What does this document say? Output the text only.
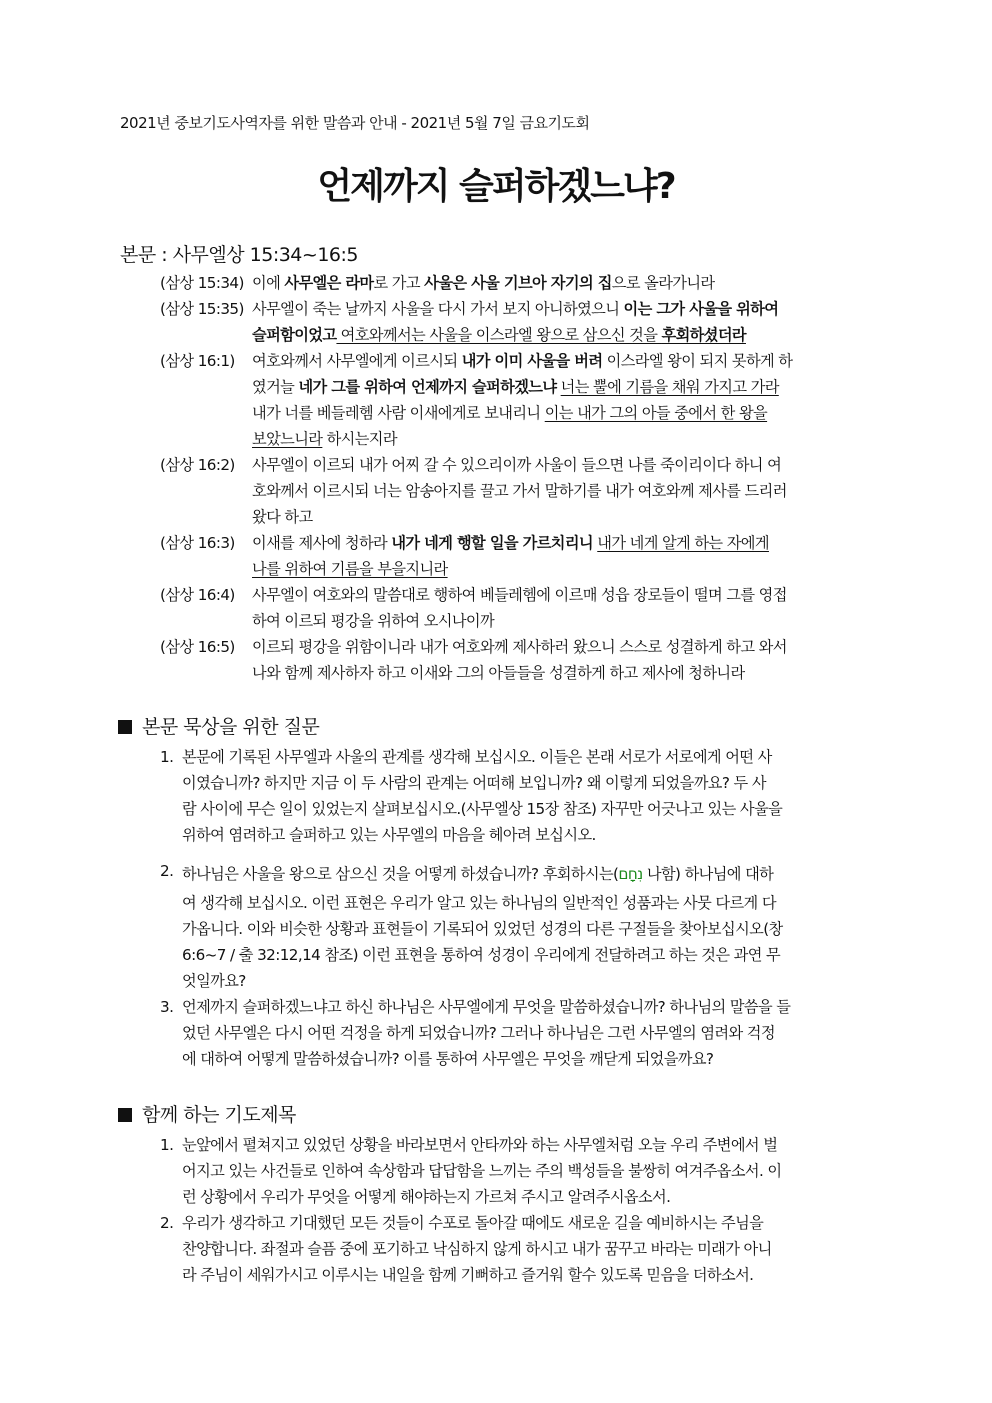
2021년 중보기도사역자를 위한 말씀과 안내 - 2021년 5월 7일 금요기도회
언제까지 슬퍼하겠느냐?
본문 : 사무엘상 15:34~16:5
(삼상 15:34) 이에 사무엘은 라마로 가고 사울은 사울 기브아 자기의 집으로 올라가니라
(삼상 15:35) 사무엘이 죽는 날까지 사울을 다시 가서 보지 아니하였으니 이는 그가 사울을 위하여
슬퍼함이었고 여호와께서는 사울을 이스라엘 왕으로 삼으신 것을 후회하셨더라
(삼상 16:1)	여호와께서 사무엘에게 이르시되 내가 이미 사울을 버려 이스라엘 왕이 되지 못하게 하
였거늘 네가 그를 위하여 언제까지 슬퍼하겠느냐 너는 뿔에 기름을 채워 가지고 가라
내가 너를 베들레헴 사람 이새에게로 보내리니 이는 내가 그의 아들 중에서 한 왕을
보았느니라 하시는지라
(삼상 16:2)	사무엘이 이르되 내가 어찌 갈 수 있으리이까 사울이 들으면 나를 죽이리이다 하니 여
호와께서 이르시되 너는 암송아지를 끌고 가서 말하기를 내가 여호와께 제사를 드리러
왔다 하고
(삼상 16:3)	이새를 제사에 청하라 내가 네게 행할 일을 가르치리니 내가 네게 알게 하는 자에게
나를 위하여 기름을 부을지니라
(삼상 16:4)	사무엘이 여호와의 말씀대로 행하여 베들레헴에 이르매 성읍 장로들이 떨며 그를 영접
하여 이르되 평강을 위하여 오시나이까
(삼상 16:5)	이르되 평강을 위함이니라 내가 여호와께 제사하러 왔으니 스스로 성결하게 하고 와서
나와 함께 제사하자 하고 이새와 그의 아들들을 성결하게 하고 제사에 청하니라
본문 묵상을 위한 질문
1. 본문에 기록된 사무엘과 사울의 관계를 생각해 보십시오. 이들은 본래 서로가 서로에게 어떤 사
이였습니까? 하지만 지금 이 두 사람의 관계는 어떠해 보입니까? 왜 이렇게 되었을까요? 두 사
람 사이에 무슨 일이 있었는지 살펴보십시오.(사무엘상 15장 참조) 자꾸만 어긋나고 있는 사울을
위하여 염려하고 슬퍼하고 있는 사무엘의 마음을 헤아려 보십시오.
2. 하나님은 사울을 왕으로 삼으신 것을 어떻게 하셨습니까? 후회하시는(נִחָם 나함) 하나님에 대하
여 생각해 보십시오. 이런 표현은 우리가 알고 있는 하나님의 일반적인 성품과는 사뭇 다르게 다
가옵니다. 이와 비슷한 상황과 표현들이 기록되어 있었던 성경의 다른 구절들을 찾아보십시오(창
6:6~7 / 출 32:12,14 참조) 이런 표현을 통하여 성경이 우리에게 전달하려고 하는 것은 과연 무
엇일까요?
3. 언제까지 슬퍼하겠느냐고 하신 하나님은 사무엘에게 무엇을 말씀하셨습니까? 하나님의 말씀을 들
었던 사무엘은 다시 어떤 걱정을 하게 되었습니까? 그러나 하나님은 그런 사무엘의 염려와 걱정
에 대하여 어떻게 말씀하셨습니까? 이를 통하여 사무엘은 무엇을 깨닫게 되었을까요?
함께 하는 기도제목
1. 눈앞에서 펼쳐지고 있었던 상황을 바라보면서 안타까와 하는 사무엘처럼 오늘 우리 주변에서 벌
어지고 있는 사건들로 인하여 속상함과 답답함을 느끼는 주의 백성들을 불쌍히 여겨주옵소서. 이
런 상황에서 우리가 무엇을 어떻게 해야하는지 가르쳐 주시고 알려주시옵소서.
2. 우리가 생각하고 기대했던 모든 것들이 수포로 돌아갈 때에도 새로운 길을 예비하시는 주님을
찬양합니다. 좌절과 슬픔 중에 포기하고 낙심하지 않게 하시고 내가 꿈꾸고 바라는 미래가 아니
라 주님이 세워가시고 이루시는 내일을 함께 기뻐하고 즐거워 할수 있도록 믿음을 더하소서.
